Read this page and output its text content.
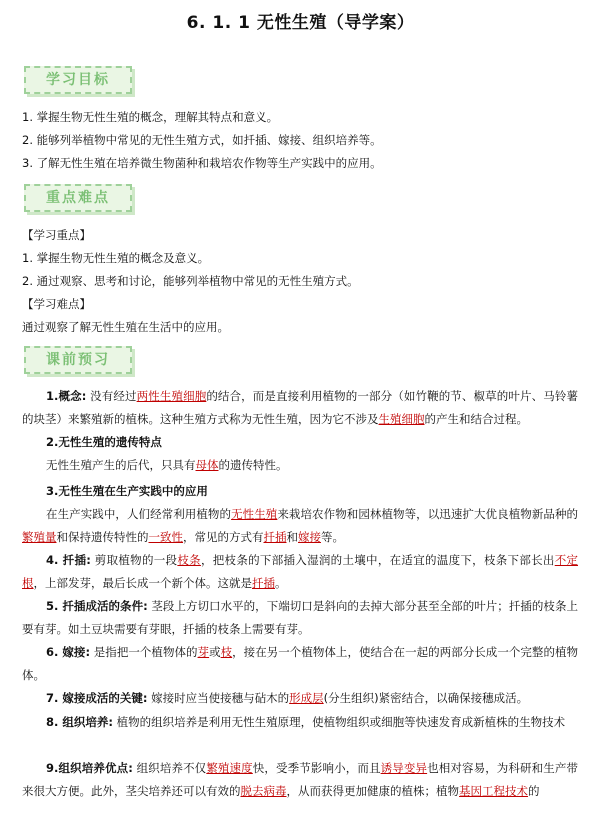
6. 1. 1 无性生殖（导学案）
学习目标
1. 掌握生物无性生殖的概念，理解其特点和意义。
2. 能够列举植物中常见的无性生殖方式，如扦插、嫁接、组织培养等。
3. 了解无性生殖在培养微生物菌种和栽培农作物等生产实践中的应用。
重点难点
【学习重点】
1. 掌握生物无性生殖的概念及意义。
2. 通过观察、思考和讨论，能够列举植物中常见的无性生殖方式。
【学习难点】
通过观察了解无性生殖在生活中的应用。
课前预习
1.概念: 没有经过两性生殖细胞的结合，而是直接利用植物的一部分（如竹鞭的节、椒草的叶片、马铃薯的块茎）来繁殖新的植株。这种生殖方式称为无性生殖，因为它不涉及生殖细胞的产生和结合过程。
2.无性生殖的遗传特点
无性生殖产生的后代，只具有母体的遗传特性。
3.无性生殖在生产实践中的应用
在生产实践中，人们经常利用植物的无性生殖来栽培农作物和园林植物等，以迅速扩大优良植物新品种的繁殖量和保持遗传特性的一致性，常见的方式有扦插和嫁接等。
4. 扦插: 剪取植物的一段枝条，把枝条的下部插入湿润的土壤中，在适宜的温度下，枝条下部长出不定根，上部发芽，最后长成一个新个体。这就是扦插。
5. 扦插成活的条件: 茎段上方切口水平的，下端切口是斜向的去掉大部分甚至全部的叶片；扦插的枝条上要有芽。如土豆块需要有芽眼，扦插的枝条上需要有芽。
6. 嫁接: 是指把一个植物体的芽或枝，接在另一个植物体上，使结合在一起的两部分长成一个完整的植物体。
7. 嫁接成活的关键: 嫁接时应当使接穗与砧木的形成层(分生组织)紧密结合，以确保接穗成活。
8. 组织培养: 植物的组织培养是利用无性生殖原理，使植物组织或细胞等快速发育成新植株的生物技术
9.组织培养优点: 组织培养不仅繁殖速度快，受季节影响小，而且诱导变异也相对容易，为科研和生产带来很大方便。此外，茎尖培养还可以有效的脱去病毒，从而获得更加健康的植株；植物基因工程技术的
